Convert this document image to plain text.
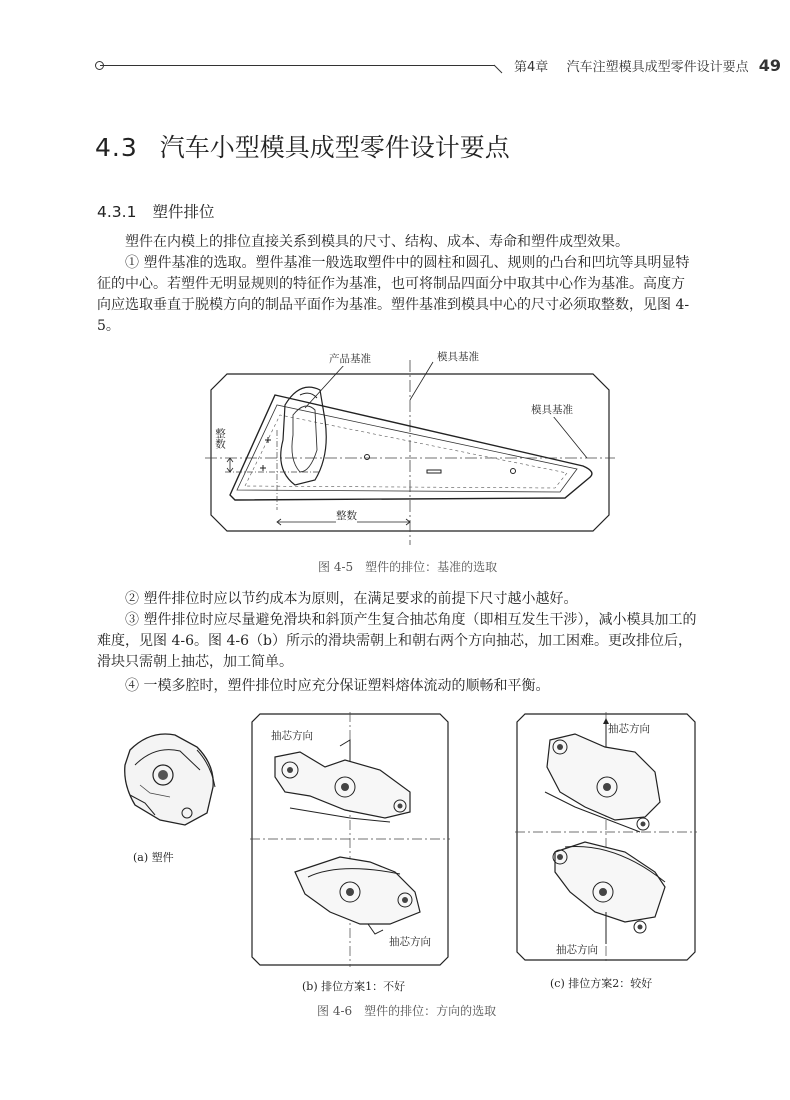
第4章 汽车注塑模具成型零件设计要点 49
4.3 汽车小型模具成型零件设计要点
4.3.1 塑件排位
塑件在内模上的排位直接关系到模具的尺寸、结构、成本、寿命和塑件成型效果。
① 塑件基准的选取。塑件基准一般选取塑件中的圆柱和圆孔、规则的凸台和凹坑等具明显特征的中心。若塑件无明显规则的特征作为基准，也可将制品四面分中取其中心作为基准。高度方向应选取垂直于脱模方向的制品平面作为基准。塑件基准到模具中心的尺寸必须取整数，见图 4-5。
产品基准	模具基准
模具基准
整数
整数
图 4-5　塑件的排位：基准的选取
② 塑件排位时应以节约成本为原则，在满足要求的前提下尺寸越小越好。
③ 塑件排位时应尽量避免滑块和斜顶产生复合抽芯角度（即相互发生干涉），减小模具加工的难度，见图 4-6。图 4-6（b）所示的滑块需朝上和朝右两个方向抽芯，加工困难。更改排位后，滑块只需朝上抽芯，加工简单。
④ 一模多腔时，塑件排位时应充分保证塑料熔体流动的顺畅和平衡。
(a) 塑件
抽芯方向
抽芯方向
(b) 排位方案1：不好
抽芯方向
抽芯方向
(c) 排位方案2：较好
图 4-6　塑件的排位：方向的选取
